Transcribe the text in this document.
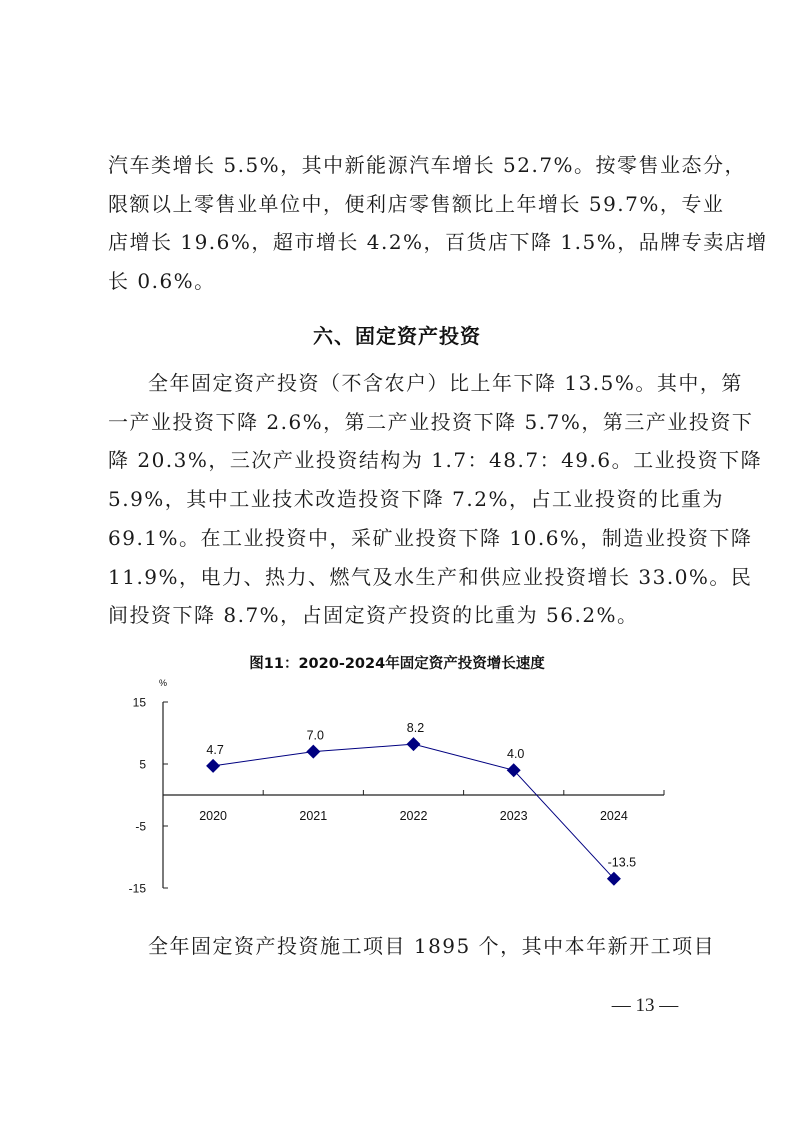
汽车类增长 5.5%，其中新能源汽车增长 52.7%。按零售业态分，
限额以上零售业单位中，便利店零售额比上年增长 59.7%，专业
店增长 19.6%，超市增长 4.2%，百货店下降 1.5%，品牌专卖店增
长 0.6%。
六、固定资产投资
全年固定资产投资（不含农户）比上年下降 13.5%。其中，第
一产业投资下降 2.6%，第二产业投资下降 5.7%，第三产业投资下
降 20.3%，三次产业投资结构为 1.7：48.7：49.6。工业投资下降
5.9%，其中工业技术改造投资下降 7.2%，占工业投资的比重为
69.1%。在工业投资中，采矿业投资下降 10.6%，制造业投资下降
11.9%，电力、热力、燃气及水生产和供应业投资增长 33.0%。民
间投资下降 8.7%，占固定资产投资的比重为 56.2%。
图11：2020-2024年固定资产投资增长速度
%
15
5
-5
-15
2020	2021	2022	2023	2024
4.7
7.0
8.2
4.0
-13.5
全年固定资产投资施工项目 1895 个，其中本年新开工项目
— 13 —
